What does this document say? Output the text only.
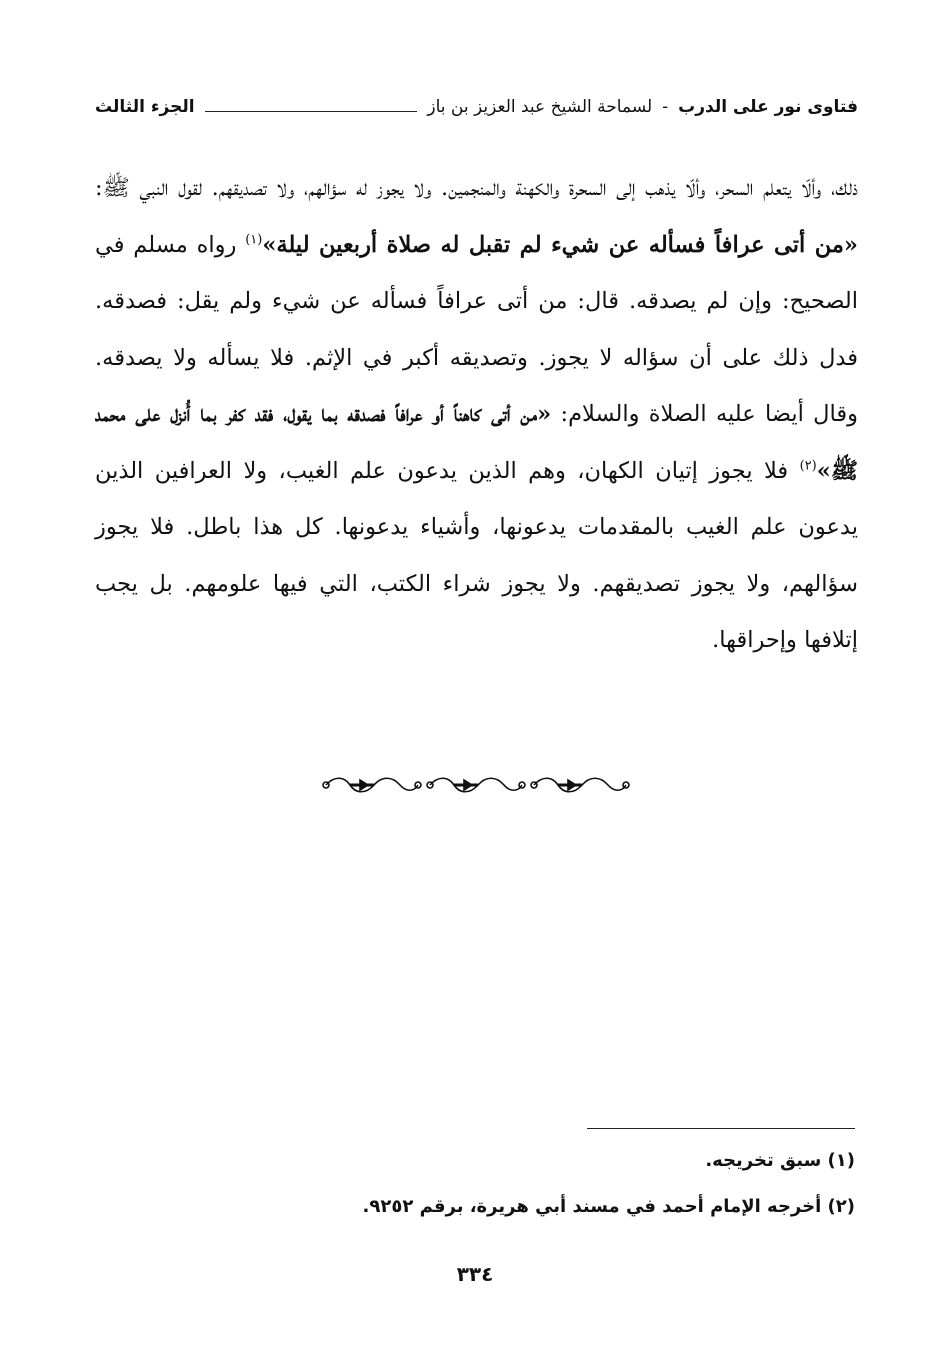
فتاوى نور على الدرب - لسماحة الشيخ عبد العزيز بن باز
الجزء الثالث
ذلك، وألّا يتعلم السحر، وألّا يذهب إلى السحرة والكهنة والمنجمين. ولا يجوز له سؤالهم، ولا تصديقهم. لقول النبي ﷺ: «من أتى عرافاً فسأله عن شيء لم تقبل له صلاة أربعين ليلة»$^{(١)}$ رواه مسلم في الصحيح: وإن لم يصدقه. قال: من أتى عرافاً فسأله عن شيء ولم يقل: فصدقه. فدل ذلك على أن سؤاله لا يجوز. وتصديقه أكبر في الإثم. فلا يسأله ولا يصدقه. وقال أيضا عليه الصلاة والسلام: «من أتى كاهناً أو عرافاً فصدقه بما يقول، فقد كفر بما أُنزل على محمد ﷺ»$^{(٢)}$ فلا يجوز إتيان الكهان، وهم الذين يدعون علم الغيب، ولا العرافين الذين يدعون علم الغيب بالمقدمات يدعونها، وأشياء يدعونها. كل هذا باطل. فلا يجوز سؤالهم، ولا يجوز تصديقهم. ولا يجوز شراء الكتب، التي فيها علومهم. بل يجب إتلافها وإحراقها.
(١) سبق تخريجه.
(٢) أخرجه الإمام أحمد في مسند أبي هريرة، برقم ٩٢٥٢.
٣٣٤
